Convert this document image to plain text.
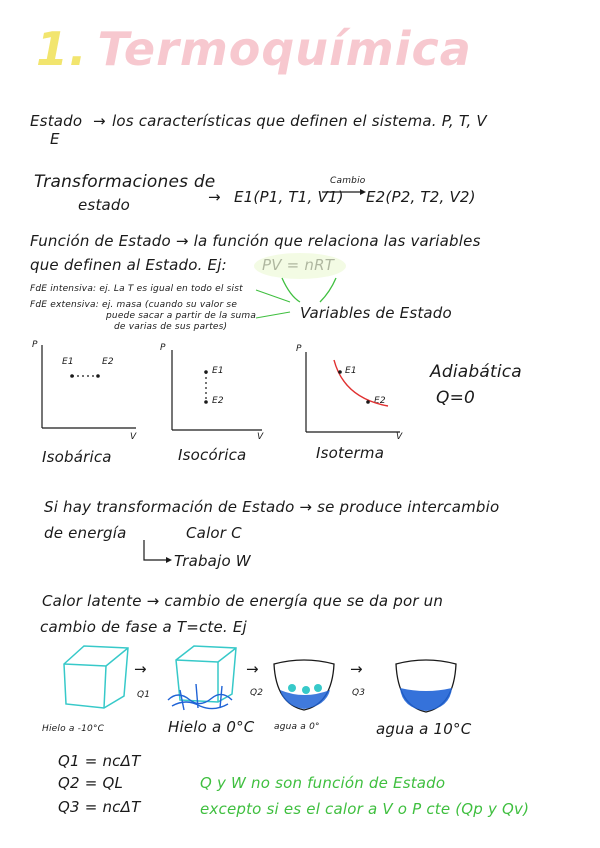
1. Termoquímica
Estado → los características que definen el sistema. P, T, V
E
Transformaciones de
estado	→ E1(P1, T1, V1)
Cambio
E2(P2, T2, V2)
Función de Estado → la función que relaciona las variables
que definen al Estado. Ej:
FdE intensiva: ej. La T es igual en todo el sist
FdE extensiva: ej. masa (cuando su valor se
puede sacar a partir de la suma
de varias de sus partes)
Variables de Estado
P
V
E1	E2
Isobárica
P
V
E1
E2
Isocórica
P
V
E1
E2
Isoterma
Adiabática
Q=0
Si hay transformación de Estado → se produce intercambio
de energía	Calor C
Trabajo W
Calor latente → cambio de energía que se da por un
cambio de fase a T=cte. Ej
Hielo a -10°C	Hielo a 0°C agua a 0°	agua a 10°C
→	→	→
Q1	Q2	Q3
Q1 = ncΔT
Q2 = QL
Q3 = ncΔT
Q y W no son función de Estado
excepto si es el calor a V o P cte (Qp y Qv)
